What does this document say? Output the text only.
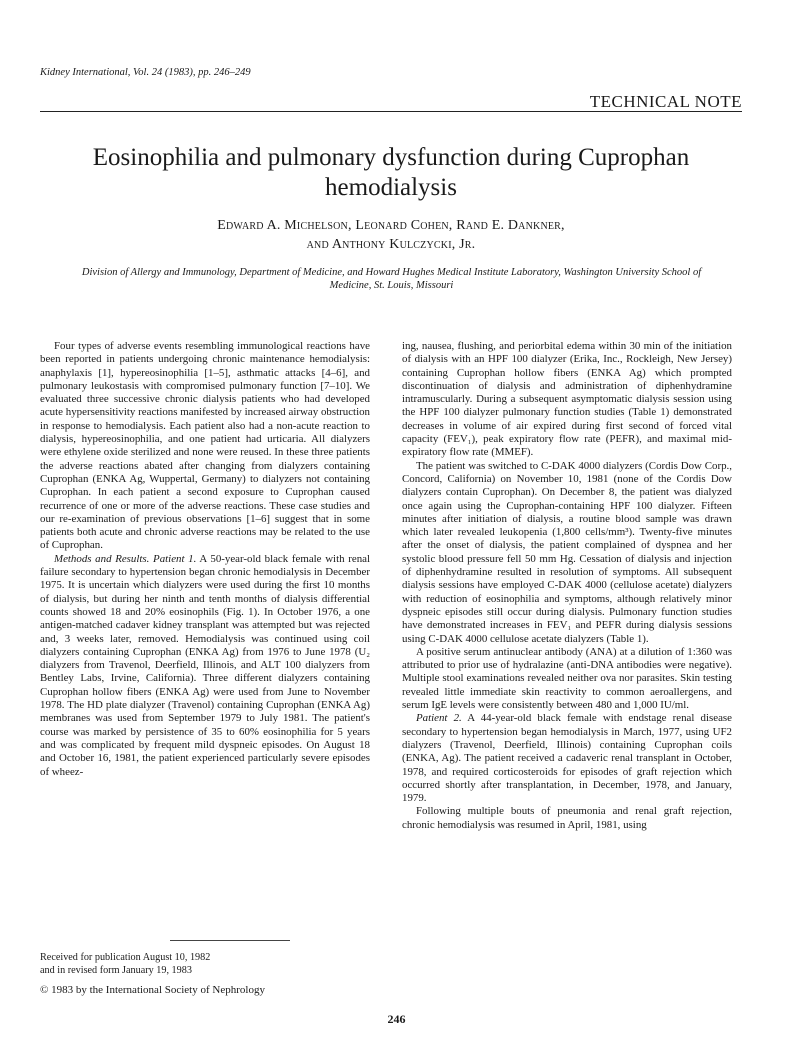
Kidney International, Vol. 24 (1983), pp. 246–249
TECHNICAL NOTE
Eosinophilia and pulmonary dysfunction during Cuprophan hemodialysis
Edward A. Michelson, Leonard Cohen, Rand E. Dankner,
and Anthony Kulczycki, Jr.
Division of Allergy and Immunology, Department of Medicine, and Howard Hughes Medical Institute Laboratory, Washington University School of Medicine, St. Louis, Missouri

Four types of adverse events resembling immunological reactions have been reported in patients undergoing chronic maintenance hemodialysis: anaphylaxis [1], hypereosinophilia [1–5], asthmatic attacks [4–6], and pulmonary leukostasis with compromised pulmonary function [7–10]. We evaluated three successive chronic dialysis patients who had developed acute hypersensitivity reactions manifested by increased airway obstruction in response to hemodialysis. Each patient also had a non-acute reaction to dialysis, hypereosinophilia, and one patient had urticaria. All dialyzers were ethylene oxide sterilized and none were reused. In these three patients the adverse reactions abated after changing from dialyzers containing Cuprophan (ENKA Ag, Wuppertal, Germany) to dialyzers not containing Cuprophan. In each patient a second exposure to Cuprophan caused recurrence of one or more of the adverse reactions. These case studies and our re-examination of previous observations [1–6] suggest that in some patients both acute and chronic adverse reactions may be related to the use of Cuprophan.

Methods and Results. Patient 1. A 50-year-old black female with renal failure secondary to hypertension began chronic hemodialysis in December 1975. It is uncertain which dialyzers were used during the first 10 months of dialysis, but during her ninth and tenth months of dialysis differential counts showed 18 and 20% eosinophils (Fig. 1). In October 1976, a one antigen-matched cadaver kidney transplant was attempted but was rejected and, 3 weeks later, removed. Hemodialysis was continued using coil dialyzers containing Cuprophan (ENKA Ag) from 1976 to June 1978 (U₂ dialyzers from Travenol, Deerfield, Illinois, and ALT 100 dialyzers from Bentley Labs, Irvine, California). Three different dialyzers containing Cuprophan hollow fibers (ENKA Ag) were used from June to November 1978. The HD plate dialyzer (Travenol) containing Cuprophan (ENKA Ag) membranes was used from September 1979 to July 1981. The patient's course was marked by persistence of 35 to 60% eosinophilia for 5 years and was complicated by frequent mild dyspneic episodes. On August 18 and October 16, 1981, the patient experienced particularly severe episodes of wheez-

ing, nausea, flushing, and periorbital edema within 30 min of the initiation of dialysis with an HPF 100 dialyzer (Erika, Inc., Rockleigh, New Jersey) containing Cuprophan hollow fibers (ENKA Ag) which prompted discontinuation of dialysis and administration of diphenhydramine intramuscularly. During a subsequent asymptomatic dialysis session using the HPF 100 dialyzer pulmonary function studies (Table 1) demonstrated decreases in volume of air expired during first second of forced vital capacity (FEV₁), peak expiratory flow rate (PEFR), and maximal mid-expiratory flow rate (MMEF).

The patient was switched to C-DAK 4000 dialyzers (Cordis Dow Corp., Concord, California) on November 10, 1981 (none of the Cordis Dow dialyzers contain Cuprophan). On December 8, the patient was dialyzed once again using the Cuprophan-containing HPF 100 dialyzer. Fifteen minutes after initiation of dialysis, a routine blood sample was drawn which later revealed leukopenia (1,800 cells/mm³). Twenty-five minutes after the onset of dialysis, the patient complained of dyspnea and her systolic blood pressure fell 50 mm Hg. Cessation of dialysis and injection of diphenhydramine resulted in resolution of symptoms. All subsequent dialysis sessions have employed C-DAK 4000 (cellulose acetate) dialyzers with reduction of eosinophilia and symptoms, although relatively minor dyspneic episodes still occur during dialysis. Pulmonary function studies have demonstrated increases in FEV₁ and PEFR during dialysis sessions using C-DAK 4000 cellulose acetate dialyzers (Table 1).

A positive serum antinuclear antibody (ANA) at a dilution of 1:360 was attributed to prior use of hydralazine (anti-DNA antibodies were negative). Multiple stool examinations revealed neither ova nor parasites. Skin testing revealed little immediate skin reactivity to common aeroallergens, and serum IgE levels were consistently between 480 and 1,000 IU/ml.

Patient 2. A 44-year-old black female with endstage renal disease secondary to hypertension began hemodialysis in March, 1977, using UF2 dialyzers (Travenol, Deerfield, Illinois) containing Cuprophan coils (ENKA, Ag). The patient received a cadaveric renal transplant in October, 1978, and required corticosteroids for episodes of graft rejection which occurred shortly after transplantation, in December, 1978, and January, 1979.

Following multiple bouts of pneumonia and renal graft rejection, chronic hemodialysis was resumed in April, 1981, using

Received for publication August 10, 1982
and in revised form January 19, 1983
© 1983 by the International Society of Nephrology
246
